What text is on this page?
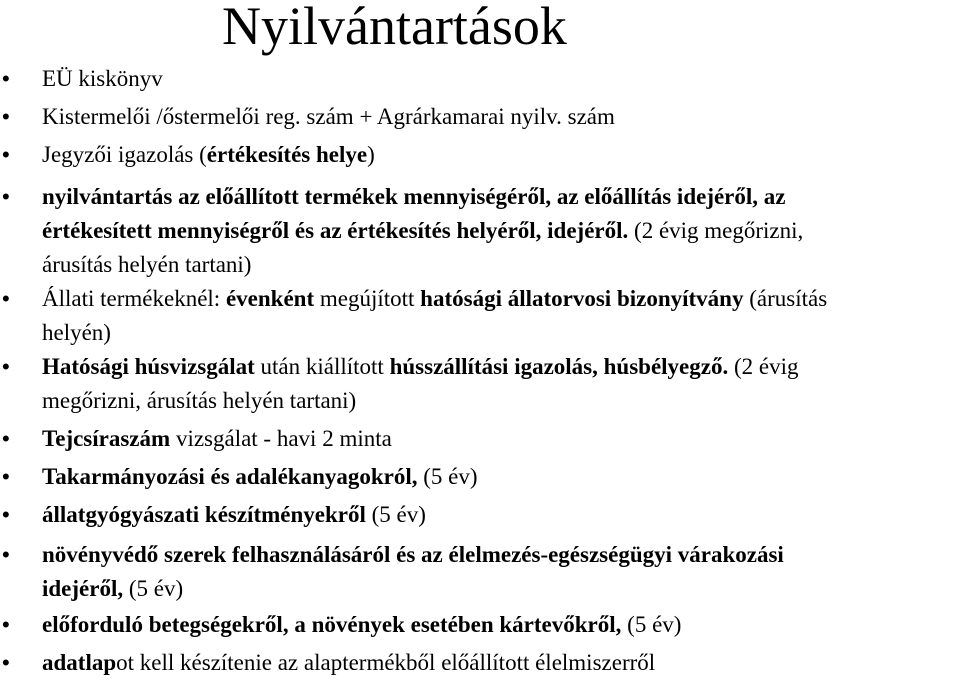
Nyilvántartások
• EÜ kiskönyv
• Kistermelői /őstermelői reg. szám + Agrárkamarai nyilv. szám
• Jegyzői igazolás (értékesítés helye)
• nyilvántartás az előállított termékek mennyiségéről, az előállítás idejéről, az
értékesített mennyiségről és az értékesítés helyéről, idejéről. (2 évig megőrizni,
árusítás helyén tartani)
• Állati termékeknél: évenként megújított hatósági állatorvosi bizonyítvány (árusítás
helyén)
• Hatósági húsvizsgálat után kiállított hússzállítási igazolás, húsbélyegző. (2 évig
megőrizni, árusítás helyén tartani)
• Tejcsíraszám vizsgálat - havi 2 minta
• Takarmányozási és adalékanyagokról, (5 év)
• állatgyógyászati készítményekről (5 év)
• növényvédő szerek felhasználásáról és az élelmezés-egészségügyi várakozási
idejéről, (5 év)
• előforduló betegségekről, a növények esetében kártevőkről, (5 év)
• adatlapot kell készítenie az alaptermékből előállított élelmiszerről
